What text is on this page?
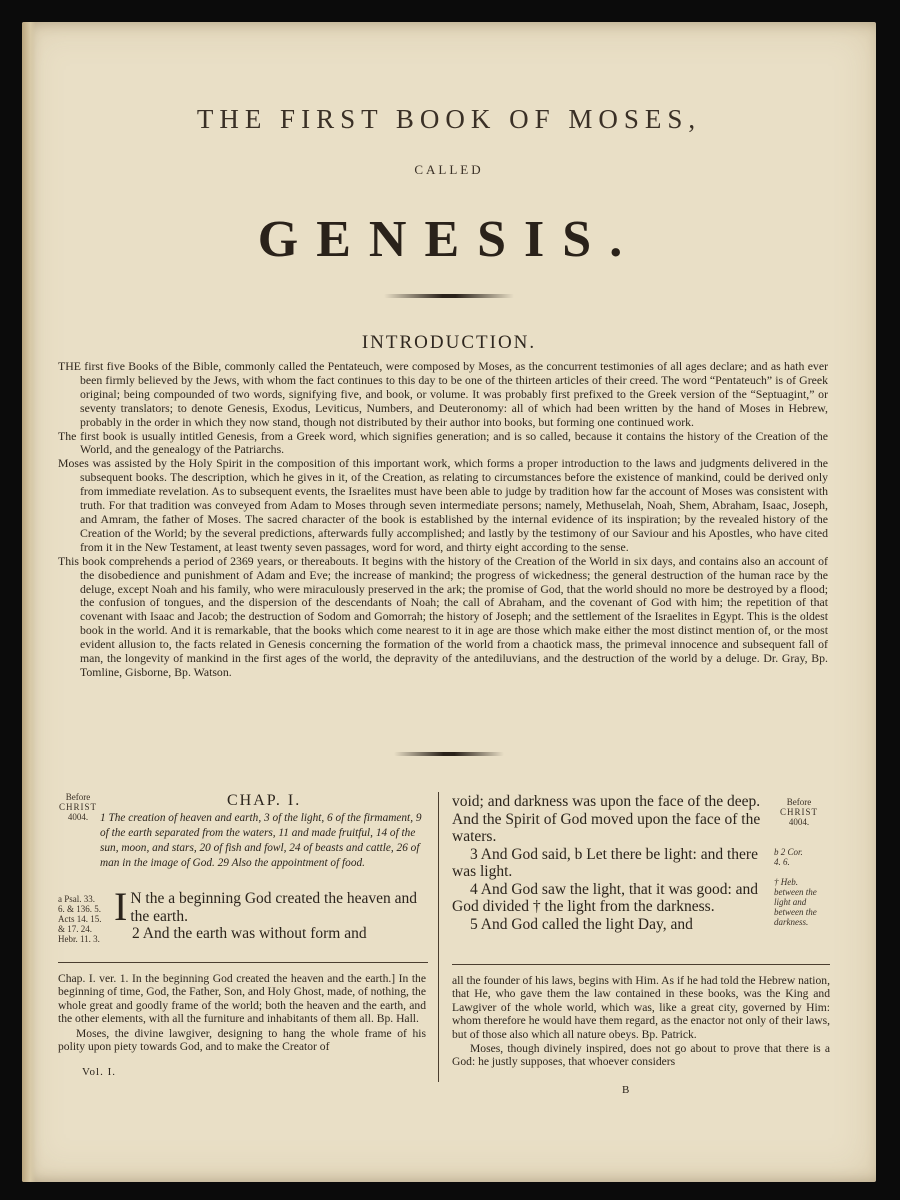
THE FIRST BOOK OF MOSES,
CALLED
GENESIS.
INTRODUCTION.

THE first five Books of the Bible, commonly called the Pentateuch, were composed by Moses, as the concurrent testimonies of all ages declare; and as hath ever been firmly believed by the Jews, with whom the fact continues to this day to be one of the thirteen articles of their creed. The word “Pentateuch” is of Greek original; being compounded of two words, signifying five, and book, or volume. It was probably first prefixed to the Greek version of the “Septuagint,” or seventy translators; to denote Genesis, Exodus, Leviticus, Numbers, and Deuteronomy: all of which had been written by the hand of Moses in Hebrew, probably in the order in which they now stand, though not distributed by their author into books, but forming one continued work.

The first book is usually intitled Genesis, from a Greek word, which signifies generation; and is so called, because it contains the history of the Creation of the World, and the genealogy of the Patriarchs.

Moses was assisted by the Holy Spirit in the composition of this important work, which forms a proper introduction to the laws and judgments delivered in the subsequent books. The description, which he gives in it, of the Creation, as relating to circumstances before the existence of mankind, could be derived only from immediate revelation. As to subsequent events, the Israelites must have been able to judge by tradition how far the account of Moses was consistent with truth. For that tradition was conveyed from Adam to Moses through seven intermediate persons; namely, Methuselah, Noah, Shem, Abraham, Isaac, Joseph, and Amram, the father of Moses. The sacred character of the book is established by the internal evidence of its inspiration; by the revealed history of the Creation of the World; by the several predictions, afterwards fully accomplished; and lastly by the testimony of our Saviour and his Apostles, who have cited from it in the New Testament, at least twenty seven passages, word for word, and thirty eight according to the sense.

This book comprehends a period of 2369 years, or thereabouts. It begins with the history of the Creation of the World in six days, and contains also an account of the disobedience and punishment of Adam and Eve; the increase of mankind; the progress of wickedness; the general destruction of the human race by the deluge, except Noah and his family, who were miraculously preserved in the ark; the promise of God, that the world should no more be destroyed by a flood; the confusion of tongues, and the dispersion of the descendants of Noah; the call of Abraham, and the covenant of God with him; the repetition of that covenant with Isaac and Jacob; the destruction of Sodom and Gomorrah; the history of Joseph; and the settlement of the Israelites in Egypt. This is the oldest book in the world. And it is remarkable, that the books which come nearest to it in age are those which make either the most distinct mention of, or the most evident allusion to, the facts related in Genesis concerning the formation of the world from a chaotick mass, the primeval innocence and subsequent fall of man, the longevity of mankind in the first ages of the world, the depravity of the antediluvians, and the destruction of the world by a deluge. Dr. Gray, Bp. Tomline, Gisborne, Bp. Watson.

Before
CHRIST
4004.
CHAP. I.
1 The creation of heaven and earth, 3 of the light, 6 of the firmament, 9 of the earth separated from the waters, 11 and made fruitful, 14 of the sun, moon, and stars, 20 of fish and fowl, 24 of beasts and cattle, 26 of man in the image of God. 29 Also the appointment of food.
a Psal. 33.
6. & 136. 5.
Acts 14. 15.
& 17. 24.
Hebr. 11. 3.
I N the a beginning God created the heaven and the earth.
2 And the earth was without form and
void; and darkness was upon the face of the deep. And the Spirit of God moved upon the face of the waters.
3 And God said, b Let there be light: and there was light.
4 And God saw the light, that it was good: and God divided † the light from the darkness.
5 And God called the light Day, and
Before
CHRIST
4004.
b 2 Cor.
4. 6.
† Heb.
between the
light and
between the
darkness.

Chap. I. ver. 1. In the beginning God created the heaven and the earth.] In the beginning of time, God, the Father, Son, and Holy Ghost, made, of nothing, the whole great and goodly frame of the world; both the heaven and the earth, and the other elements, with all the furniture and inhabitants of them all. Bp. Hall.

Moses, the divine lawgiver, designing to hang the whole frame of his polity upon piety towards God, and to make the Creator of

all the founder of his laws, begins with Him. As if he had told the Hebrew nation, that He, who gave them the law contained in these books, was the King and Lawgiver of the whole world, which was, like a great city, governed by Him: whom therefore he would have them regard, as the enactor not only of their laws, but of those also which all nature obeys. Bp. Patrick.

Moses, though divinely inspired, does not go about to prove that there is a God: he justly supposes, that whoever considers

Vol. I.
B
